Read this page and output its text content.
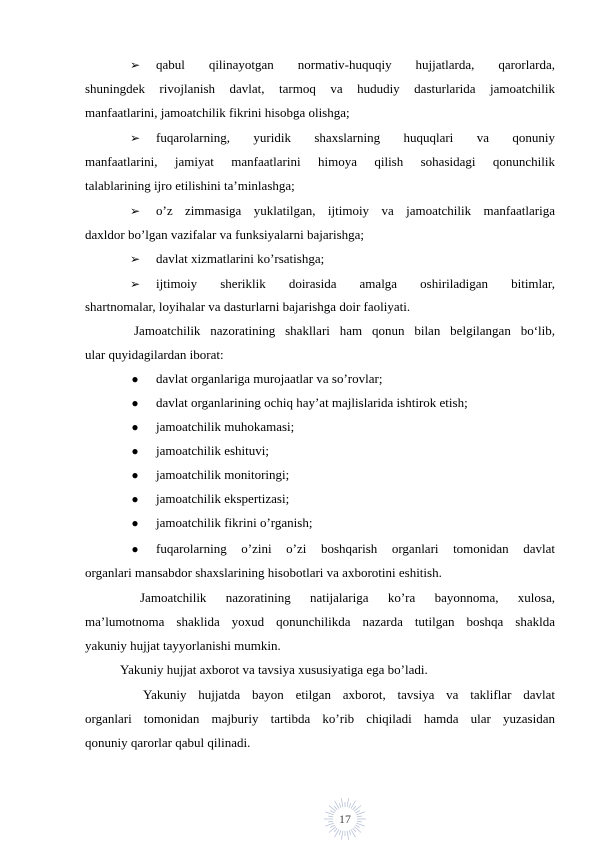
➢ qabul qilinayotgan normativ-huquqiy hujjatlarda, qarorlarda,
shuningdek rivojlanish davlat, tarmoq va hududiy dasturlarida jamoatchilik
manfaatlarini, jamoatchilik fikrini hisobga olishga;
➢ fuqarolarning, yuridik shaxslarning huquqlari va qonuniy
manfaatlarini, jamiyat manfaatlarini himoya qilish sohasidagi qonunchilik
talablarining ijro etilishini ta’minlashga;
➢ o’z zimmasiga yuklatilgan, ijtimoiy va jamoatchilik manfaatlariga
daxldor bo’lgan vazifalar va funksiyalarni bajarishga;
➢ davlat xizmatlarini ko’rsatishga;
➢ ijtimoiy sheriklik doirasida amalga oshiriladigan bitimlar,
shartnomalar, loyihalar va dasturlarni bajarishga doir faoliyati.
Jamoatchilik nazoratining shakllari ham qonun bilan belgilangan bo‘lib,
ular quyidagilardan iborat:
● davlat organlariga murojaatlar va so’rovlar;
● davlat organlarining ochiq hay’at majlislarida ishtirok etish;
● jamoatchilik muhokamasi;
● jamoatchilik eshituvi;
● jamoatchilik monitoringi;
● jamoatchilik ekspertizasi;
● jamoatchilik fikrini o’rganish;
● fuqarolarning o’zini o’zi boshqarish organlari tomonidan davlat
organlari mansabdor shaxslarining hisobotlari va axborotini eshitish.
Jamoatchilik nazoratining natijalariga ko’ra bayonnoma, xulosa,
ma’lumotnoma shaklida yoxud qonunchilikda nazarda tutilgan boshqa shaklda
yakuniy hujjat tayyorlanishi mumkin.
Yakuniy hujjat axborot va tavsiya xususiyatiga ega bo’ladi.
Yakuniy hujjatda bayon etilgan axborot, tavsiya va takliflar davlat
organlari tomonidan majburiy tartibda ko’rib chiqiladi hamda ular yuzasidan
qonuniy qarorlar qabul qilinadi.
17
